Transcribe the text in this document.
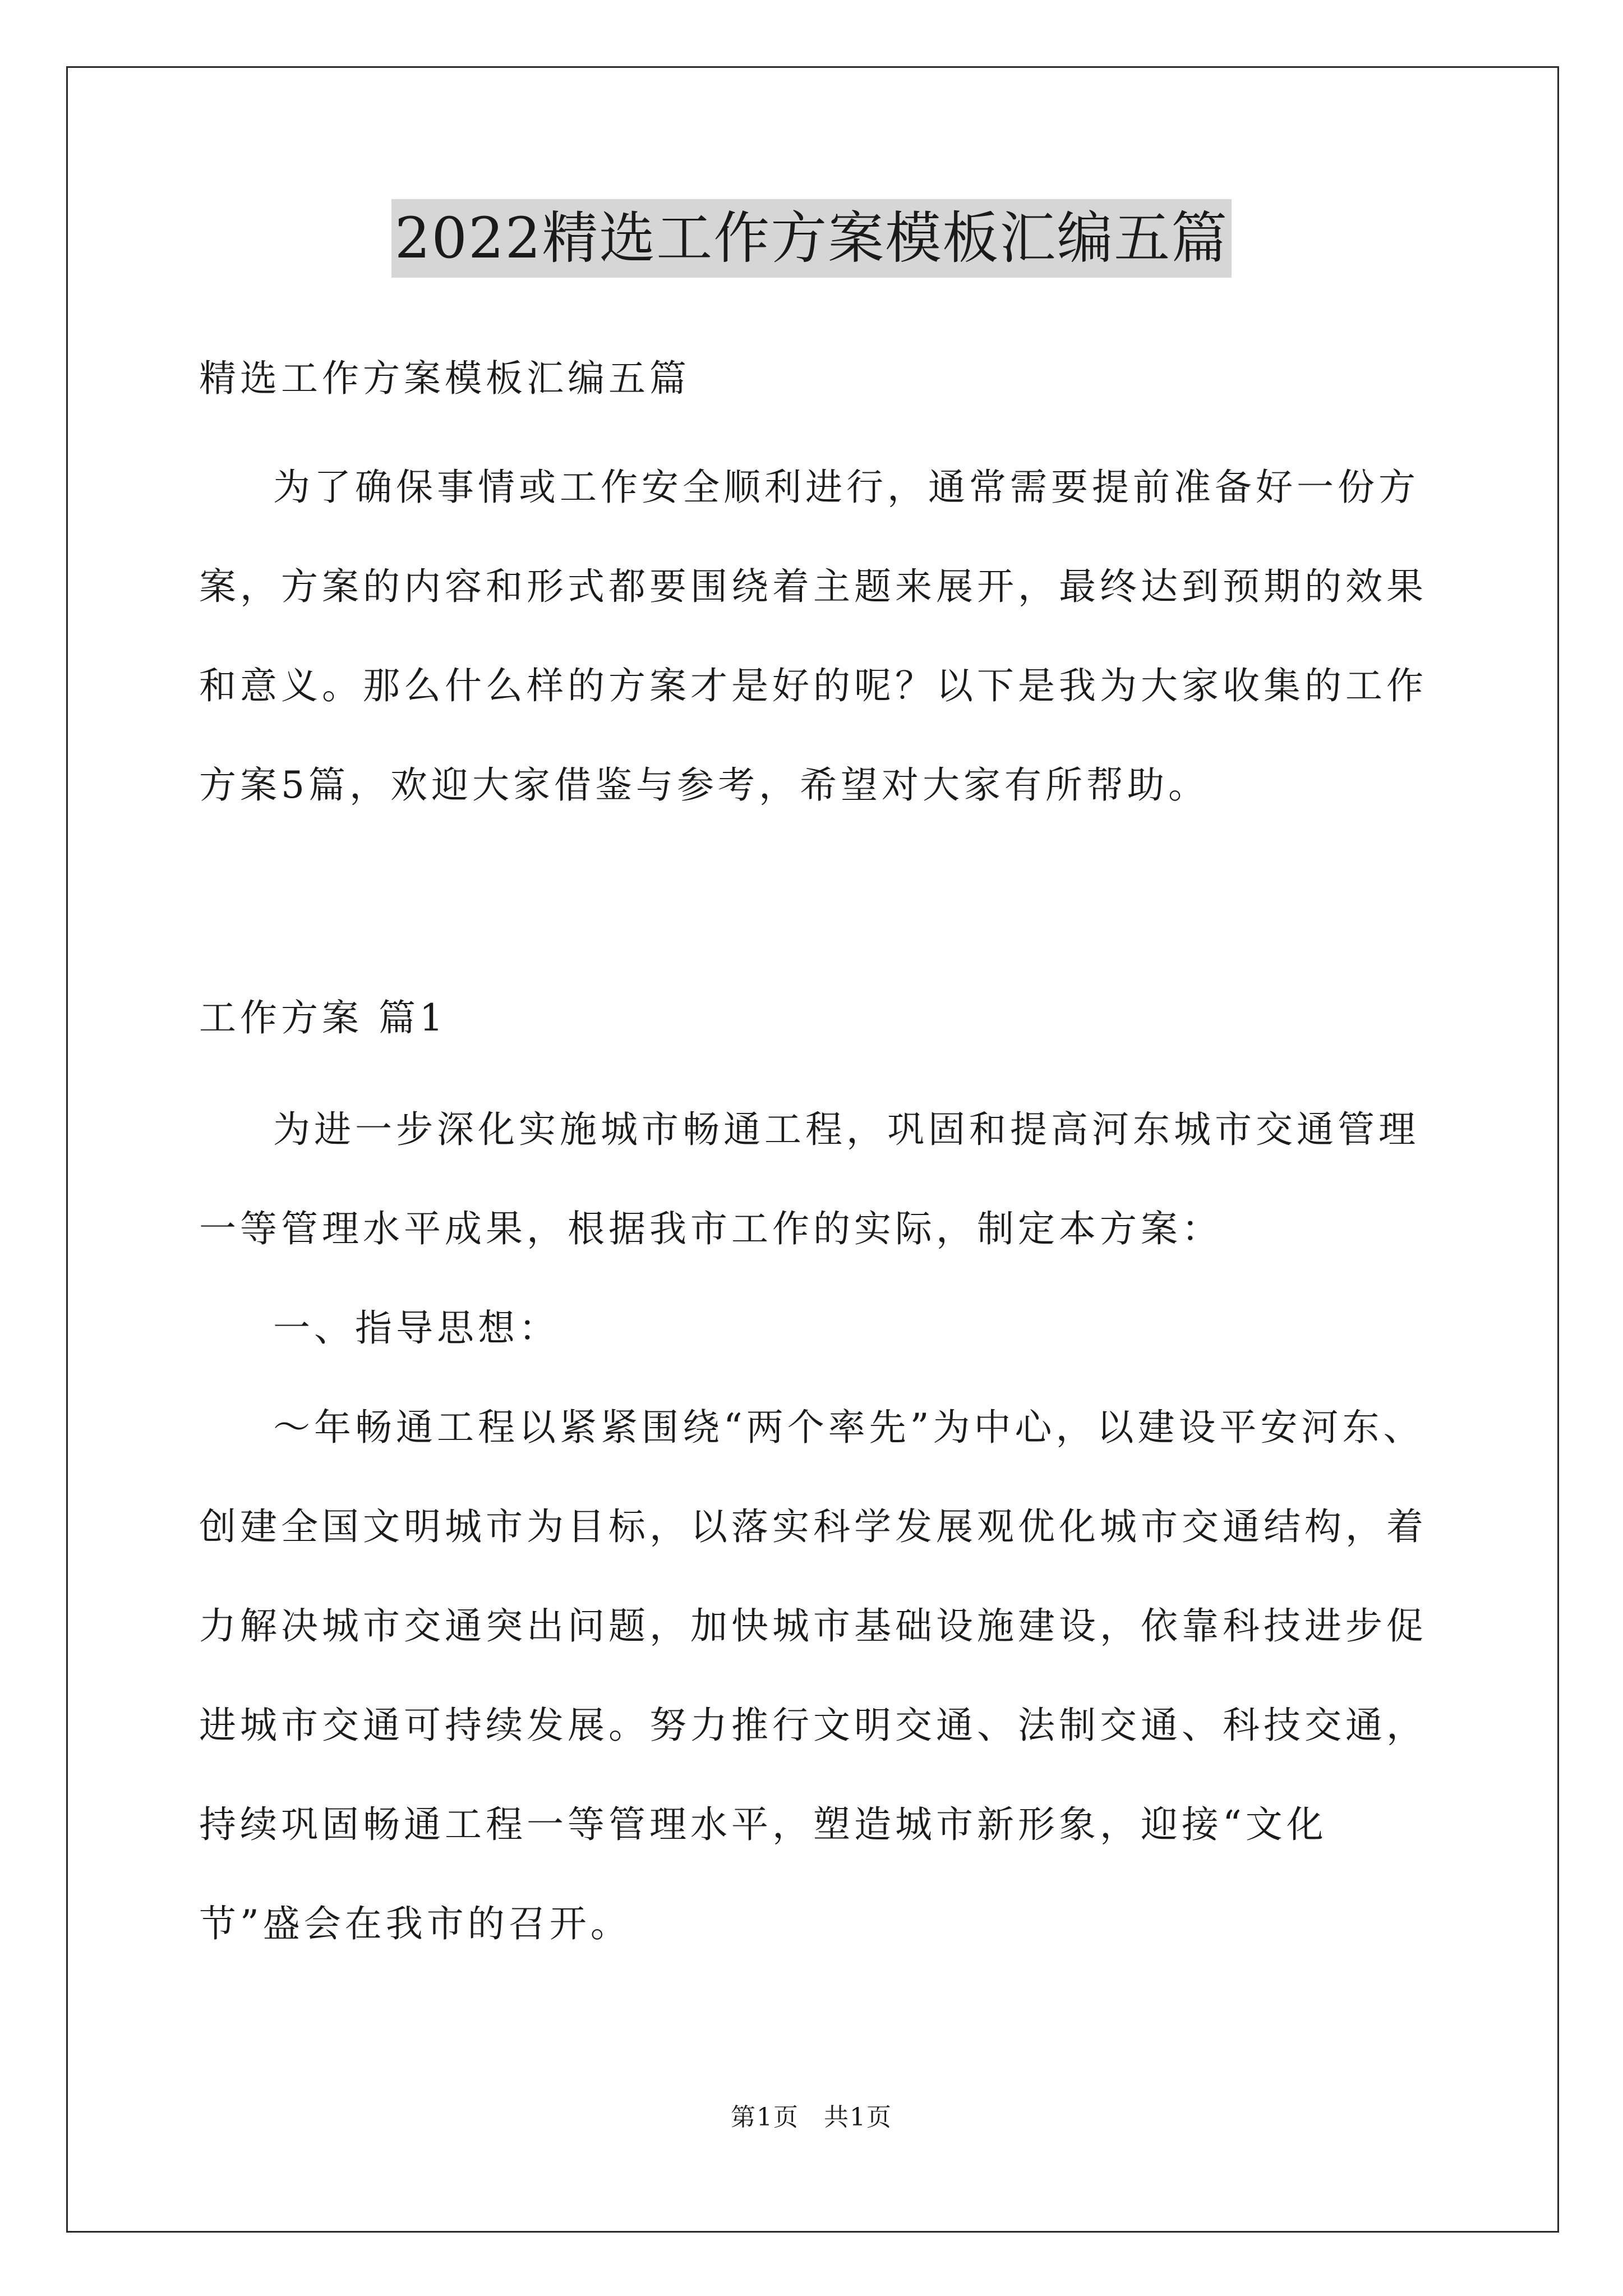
2022精选工作方案模板汇编五篇
精选工作方案模板汇编五篇

为了确保事情或工作安全顺利进行，通常需要提前准备好一份方案，方案的内容和形式都要围绕着主题来展开，最终达到预期的效果和意义。那么什么样的方案才是好的呢？以下是我为大家收集的工作方案5篇，欢迎大家借鉴与参考，希望对大家有所帮助。

工作方案 篇1

为进一步深化实施城市畅通工程，巩固和提高河东城市交通管理一等管理水平成果，根据我市工作的实际，制定本方案：

一、指导思想：

～年畅通工程以紧紧围绕“两个率先”为中心，以建设平安河东、创建全国文明城市为目标，以落实科学发展观优化城市交通结构，着力解决城市交通突出问题，加快城市基础设施建设，依靠科技进步促进城市交通可持续发展。努力推行文明交通、法制交通、科技交通，持续巩固畅通工程一等管理水平，塑造城市新形象，迎接“文化节”盛会在我市的召开。

第1页 共1页
